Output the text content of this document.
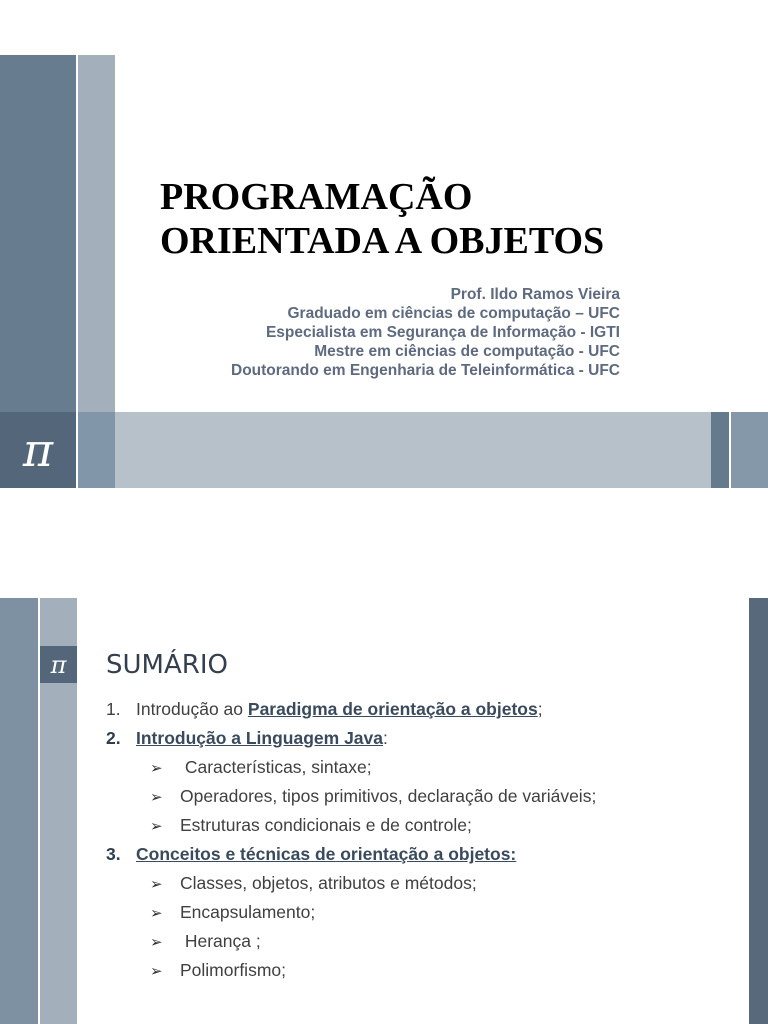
π
PROGRAMAÇÃO
ORIENTADA A OBJETOS
Prof. Ildo Ramos Vieira
Graduado em ciências de computação – UFC
Especialista em Segurança de Informação - IGTI
Mestre em ciências de computação - UFC
Doutorando em Engenharia de Teleinformática - UFC
π	SUMÁRIO
1. Introdução ao Paradigma de orientação a objetos;
2. Introdução a Linguagem Java:
➢ Características, sintaxe;
➢ Operadores, tipos primitivos, declaração de variáveis;
➢ Estruturas condicionais e de controle;
3. Conceitos e técnicas de orientação a objetos:
➢ Classes, objetos, atributos e métodos;
➢ Encapsulamento;
➢ Herança ;
➢ Polimorfismo;
